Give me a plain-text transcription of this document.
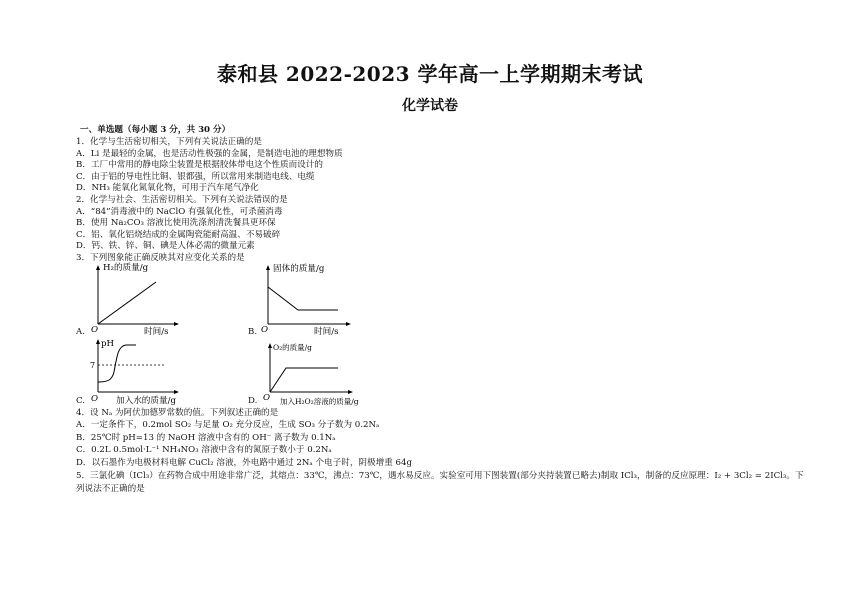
泰和县 2022-2023 学年高一上学期期末考试
化学试卷
一、单选题（每小题 3 分，共 30 分）
1．化学与生活密切相关，下列有关说法正确的是
A．Li 是最轻的金属，也是活动性极强的金属，是制造电池的理想物质
B．工厂中常用的静电除尘装置是根据胶体带电这个性质而设计的
C．由于铝的导电性比铜、银都强，所以常用来制造电线、电缆
D．NH₃ 能氧化氮氧化物，可用于汽车尾气净化
2．化学与社会、生活密切相关。下列有关说法错误的是
A．“84”消毒液中的 NaClO 有强氧化性，可杀菌消毒
B．使用 Na₂CO₃ 溶液比使用洗涤剂清洗餐具更环保
C．铝、氧化铝烧结成的金属陶瓷能耐高温、不易破碎
D．钙、铁、锌、铜、碘是人体必需的微量元素
3．下列图象能正确反映其对应变化关系的是
A.
H₂的质量/g
O	时间/s	B.
固体的质量/g
O	时间/s
C.
pH
7
O 加入水的质量/g	D.
O₂的质量/g
O 加入H₂O₂溶液的质量/g
4．设 Nₐ 为阿伏加德罗常数的值。下列叙述正确的是
A．一定条件下，0.2mol SO₂ 与足量 O₂ 充分反应，生成 SO₃ 分子数为 0.2Nₐ
B．25℃时 pH=13 的 NaOH 溶液中含有的 OH⁻ 离子数为 0.1Nₐ
C．0.2L 0.5mol·L⁻¹ NH₄NO₃ 溶液中含有的氮原子数小于 0.2Nₐ
D．以石墨作为电极材料电解 CuCl₂ 溶液，外电路中通过 2Nₐ 个电子时，阴极增重 64g
5．三氯化碘（ICl₃）在药物合成中用途非常广泛，其熔点：33℃，沸点：73℃，遇水易反应。实验室可用下图装置(部分夹持装置已略去)制取 ICl₃，制备的反应原理：I₂ + 3Cl₂ = 2ICl₃。下
列说法不正确的是
